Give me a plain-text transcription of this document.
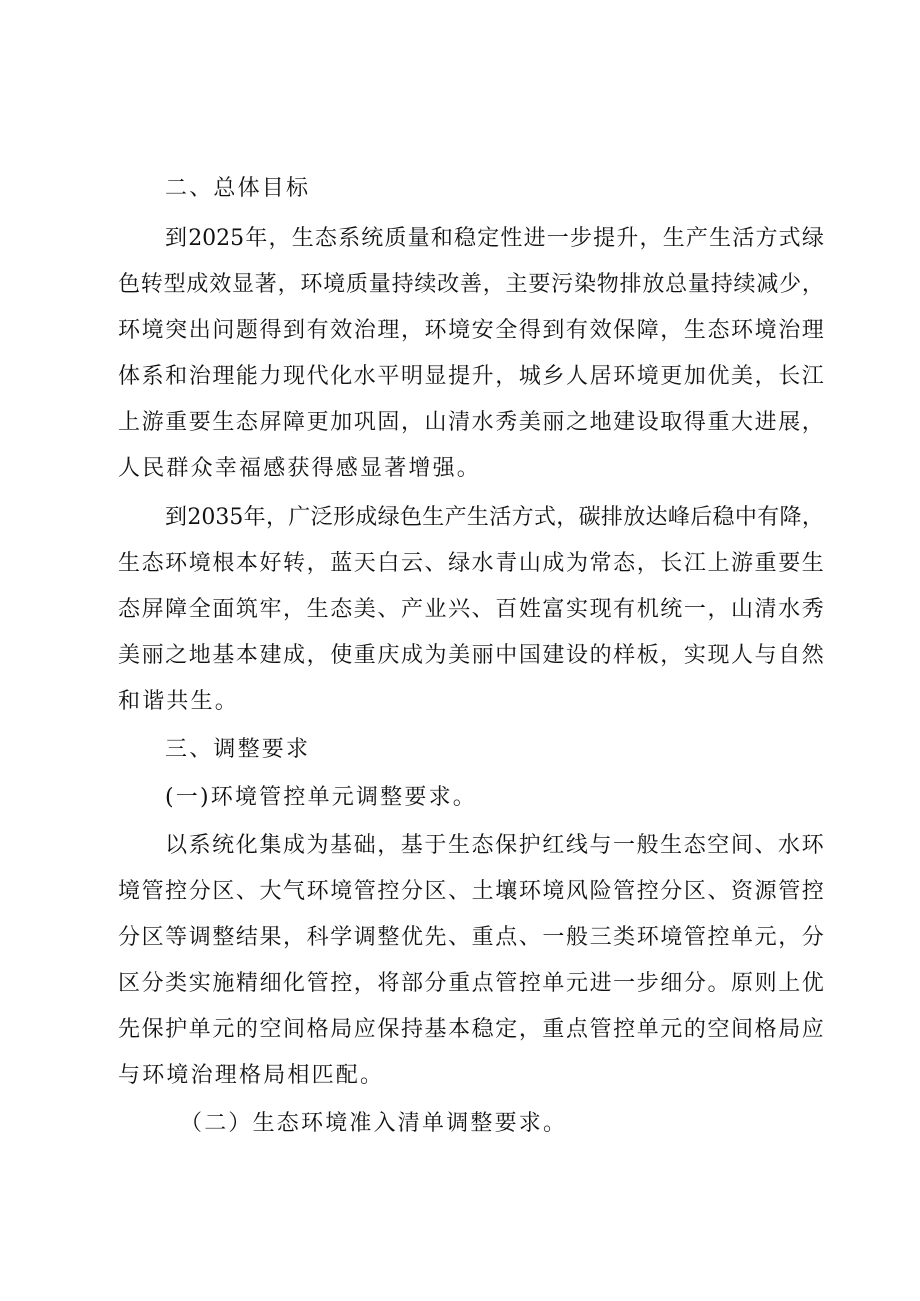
二、总体目标
到 2025 年 ， 生 态 系 统 质 量 和 稳 定 性 进 一 步 提 升 ， 生 产 生 活 方 式 绿
色 转 型 成 效 显 著 ， 环 境 质 量 持 续 改 善 ， 主 要 污 染 物 排 放 总 量 持 续 减 少 ，
环 境 突 出 问 题 得 到 有 效 治 理 ， 环 境 安 全 得 到 有 效 保 障 ， 生 态 环 境 治 理
体 系 和 治 理 能 力 现 代 化 水 平 明 显 提 升 ， 城 乡 人 居 环 境 更 加 优 美 ， 长 江
上 游 重 要 生 态 屏 障 更 加 巩 固 ， 山 清 水 秀 美 丽 之 地 建 设 取 得 重 大 进 展 ，
人民群众幸福感获得感显著增强。
到 2035 年 ， 广 泛 形 成 绿 色 生 产 生 活 方 式 ， 碳 排 放 达 峰 后 稳 中 有 降 ，
生 态 环 境 根 本 好 转 ， 蓝 天 白 云 、 绿 水 青 山 成 为 常 态 ， 长 江 上 游 重 要 生
态 屏 障 全 面 筑 牢 ， 生 态 美 、 产 业 兴 、 百 姓 富 实 现 有 机 统 一 ， 山 清 水 秀
美 丽 之 地 基 本 建 成 ， 使 重 庆 成 为 美 丽 中 国 建 设 的 样 板 ， 实 现 人 与 自 然
和谐共生。
三、调整要求
(一)环境管控单元调整要求。
以 系 统 化 集 成 为 基 础 ， 基 于 生 态 保 护 红 线 与 一 般 生 态 空 间 、 水 环
境 管 控 分 区 、 大 气 环 境 管 控 分 区 、 土 壤 环 境 风 险 管 控 分 区 、 资 源 管 控
分 区 等 调 整 结 果 ， 科 学 调 整 优 先 、 重 点 、 一 般 三 类 环 境 管 控 单 元 ， 分
区 分 类 实 施 精 细 化 管 控 ， 将 部 分 重 点 管 控 单 元 进 一 步 细 分 。 原 则 上 优
先 保 护 单 元 的 空 间 格 局 应 保 持 基 本 稳 定 ， 重 点 管 控 单 元 的 空 间 格 局 应
与环境治理格局相匹配。
（二）生态环境准入清单调整要求。
